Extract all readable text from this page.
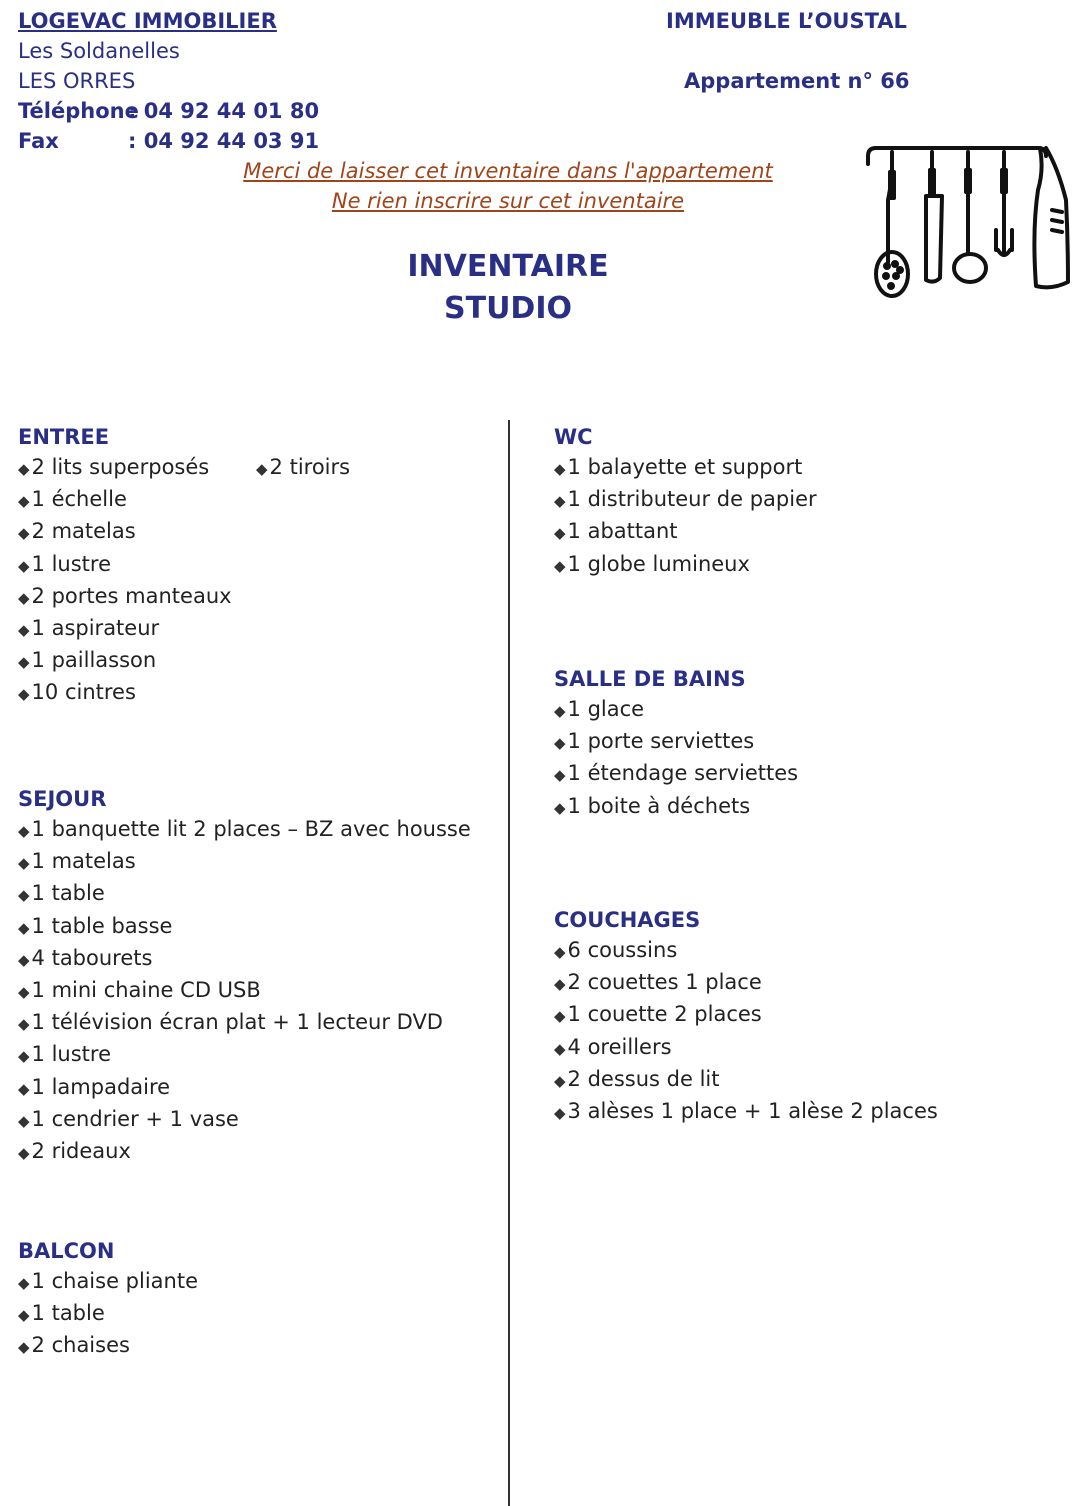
LOGEVAC IMMOBILIER
Les Soldanelles
LES ORRES
Téléphone: 04 92 44 01 80
Fax	: 04 92 44 03 91
IMMEUBLE L’OUSTAL
Appartement n° 66
Merci de laisser cet inventaire dans l'appartement
Ne rien inscrire sur cet inventaire
INVENTAIRE
STUDIO
ENTREE
◆2 lits superposés
◆1 échelle
◆2 matelas
◆1 lustre
◆2 portes manteaux
◆1 aspirateur
◆1 paillasson
◆10 cintres
◆2 tiroirs
SEJOUR
◆1 banquette lit 2 places – BZ avec housse
◆1 matelas
◆1 table
◆1 table basse
◆4 tabourets
◆1 mini chaine CD USB
◆1 télévision écran plat + 1 lecteur DVD
◆1 lustre
◆1 lampadaire
◆1 cendrier + 1 vase
◆2 rideaux
BALCON
◆1 chaise pliante
◆1 table
◆2 chaises
WC
◆1 balayette et support
◆1 distributeur de papier
◆1 abattant
◆1 globe lumineux
SALLE DE BAINS
◆1 glace
◆1 porte serviettes
◆1 étendage serviettes
◆1 boite à déchets
COUCHAGES
◆6 coussins
◆2 couettes 1 place
◆1 couette 2 places
◆4 oreillers
◆2 dessus de lit
◆3 alèses 1 place + 1 alèse 2 places
